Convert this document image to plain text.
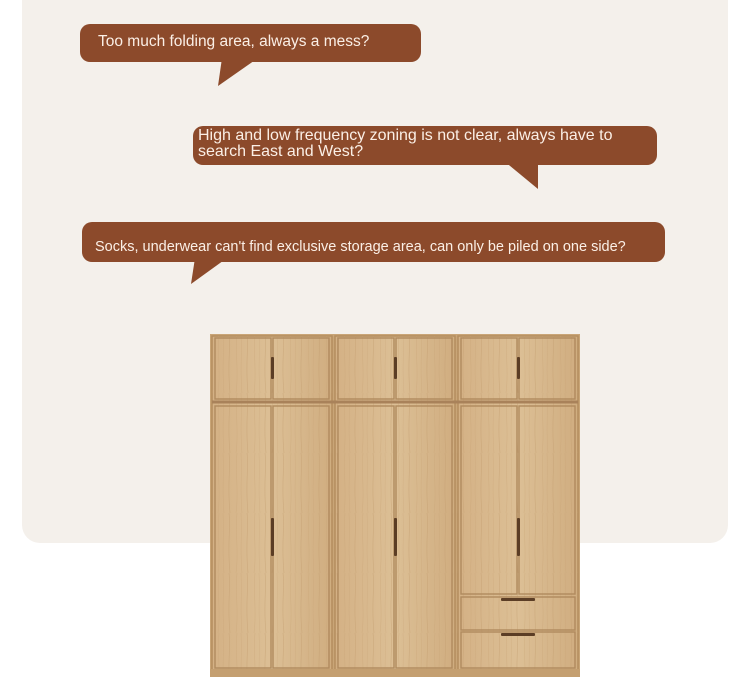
Too much folding area, always a mess?
High and low frequency zoning is not clear, always have to search East and West?
Socks, underwear can't find exclusive storage area, can only be piled on one side?
